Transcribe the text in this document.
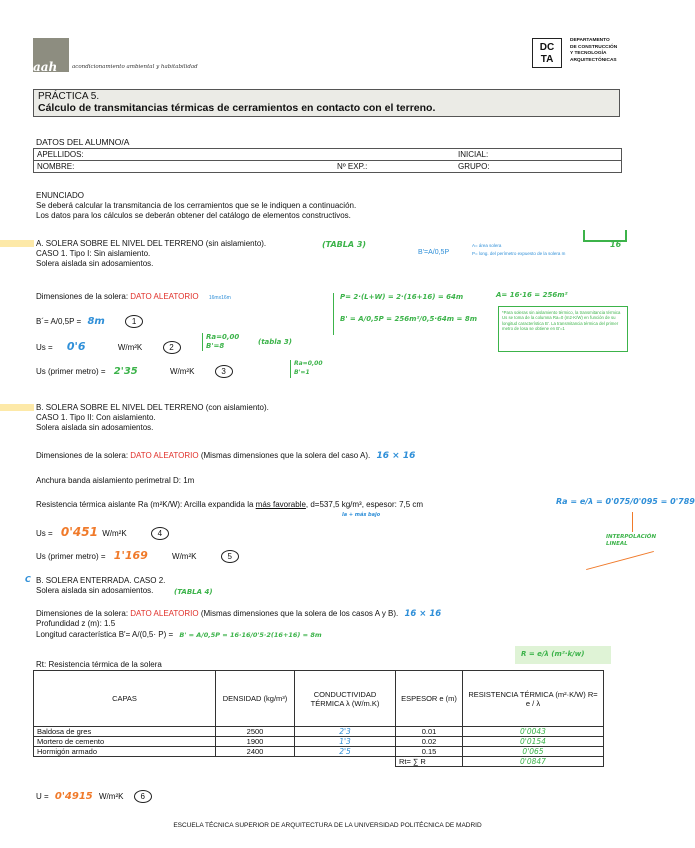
aah	acondicionamiento ambiental y habitabilidad
DC TA
DEPARTAMENTO
DE CONSTRUCCIÓN
Y TECNOLOGÍA
ARQUITECTÓNICAS
PRÁCTICA 5.
Cálculo de transmitancias térmicas de cerramientos en contacto con el terreno.
DATOS DEL ALUMNO/A
APELLIDOS:	INICIAL:
NOMBRE:	Nº EXP.:	GRUPO:
ENUNCIADO
Se deberá calcular la transmitancia de los cerramientos que se le indiquen a continuación.
Los datos para los cálculos se deberán obtener del catálogo de elementos constructivos.
A. SOLERA SOBRE EL NIVEL DEL TERRENO (sin aislamiento).	(TABLA 3)
B'=A/0,5P
A= área solera
P= long. del perímetro expuesto de la solera m
16
CASO 1. Tipo I: Sin aislamiento.
Solera aislada sin adosamientos.
Dimensiones de la solera: DATO ALEATORIO 16mx16m
B´= A/0,5P = 8m	1
Us = 0'6	W/m²K	2
Ra=0,00
B'=8	(tabla 3)
Us (primer metro) = 2'35	W/m²K	3
Ra=0,00
B'=1
P= 2·(L+W) = 2·(16+16) = 64m	A= 16·16 = 256m²
B' = A/0,5P = 256m²/0,5·64m = 8m
*Para soleras sin aislamiento térmico, la transmitancia térmica Us se toma de la columna Ra=0 (m2·K/W) en función de su longitud característica B'. La transmitancia térmica del primer metro de losa se obtiene en B'=1
B. SOLERA SOBRE EL NIVEL DEL TERRENO (con aislamiento).
CASO 1. Tipo II: Con aislamiento.
Solera aislada sin adosamientos.
Dimensiones de la solera: DATO ALEATORIO (Mismas dimensiones que la solera del caso A). 16 × 16
Anchura banda aislamiento perimetral D: 1m
Resistencia térmica aislante Ra (m²K/W): Arcilla expandida la más favorable, d=537,5 kg/m³, espesor: 7,5 cm
la + más bajo
Ra = e/λ = 0'075/0'095 = 0'789
INTERPOLACIÓN LINEAL
Us = 0'451 W/m²K	4
Us (primer metro) = 1'169	W/m²K	5
C B. SOLERA ENTERRADA. CASO 2.
Solera aislada sin adosamientos.	(TABLA 4)
Dimensiones de la solera: DATO ALEATORIO (Mismas dimensiones que la solera de los casos A y B). 16 × 16
Profundidad z (m): 1.5
Longitud característica B'= A/(0,5· P) = B' = A/0,5P = 16·16/0'5·2(16+16) = 8m
R = e/λ (m²·k/w)
Rt: Resistencia térmica de la solera
CAPAS	DENSIDAD (kg/m³)	CONDUCTIVIDAD TÉRMICA λ (W/m.K)	ESPESOR e (m)	RESISTENCIA TÉRMICA (m²·K/W) R= e / λ
Baldosa de gres	2500	2'3	0.01	0'0043
Mortero de cemento	1900	1'3	0.02	0'0154
Hormigón armado	2400	2'5	0.15	0'065
			Rt= ∑ R	0'0847
U = 0'4915 W/m²K 6
ESCUELA TÉCNICA SUPERIOR DE ARQUITECTURA DE LA UNIVERSIDAD POLITÉCNICA DE MADRID
